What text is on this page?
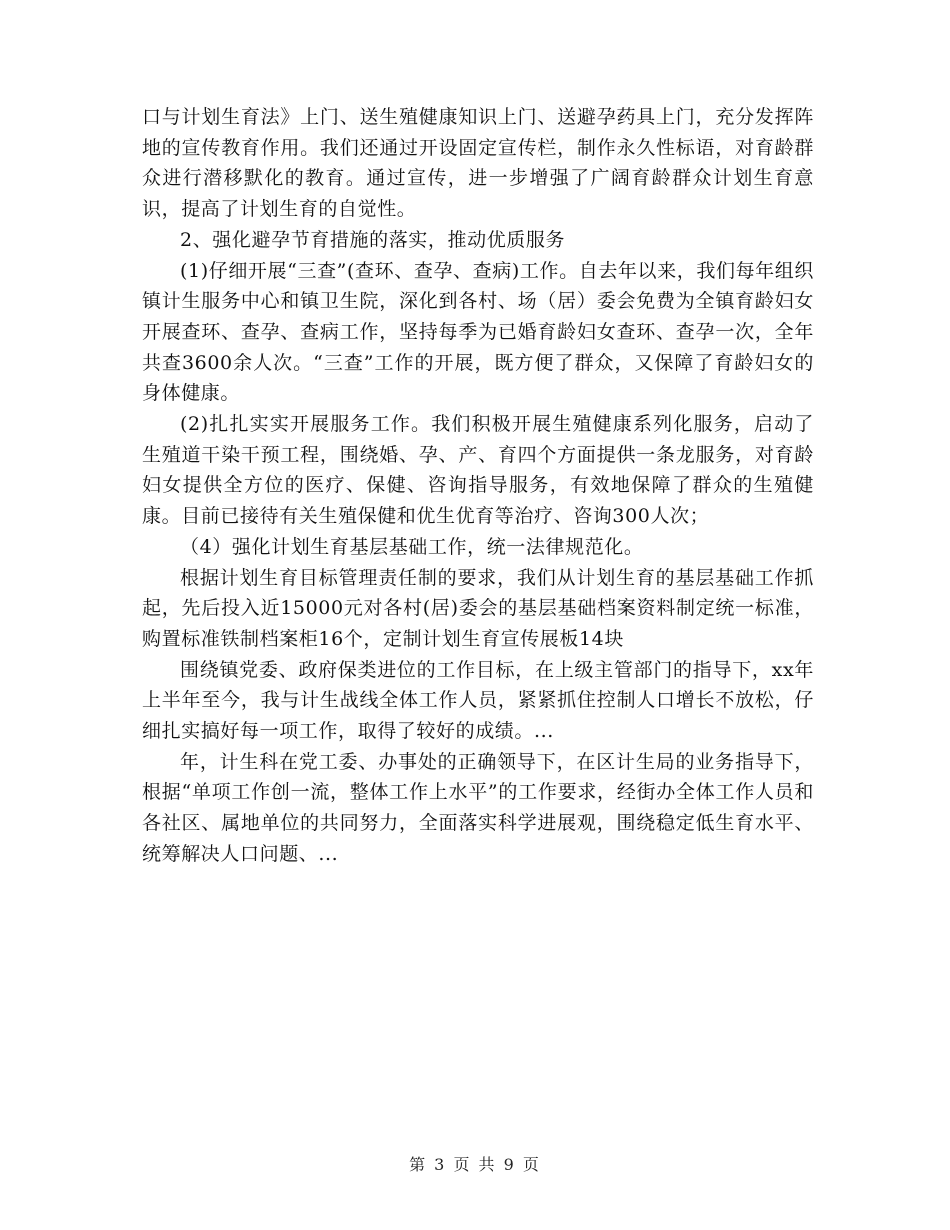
口与计划生育法》上门、送生殖健康知识上门、送避孕药具上门，充分发挥阵地的宣传教育作用。我们还通过开设固定宣传栏，制作永久性标语，对育龄群众进行潜移默化的教育。通过宣传，进一步增强了广阔育龄群众计划生育意识，提高了计划生育的自觉性。

2、强化避孕节育措施的落实，推动优质服务

(1)仔细开展“三查”(查环、查孕、查病)工作。自去年以来，我们每年组织镇计生服务中心和镇卫生院，深化到各村、场（居）委会免费为全镇育龄妇女开展查环、查孕、查病工作，坚持每季为已婚育龄妇女查环、查孕一次，全年共查3600余人次。“三查”工作的开展，既方便了群众，又保障了育龄妇女的身体健康。

(2)扎扎实实开展服务工作。我们积极开展生殖健康系列化服务，启动了生殖道干染干预工程，围绕婚、孕、产、育四个方面提供一条龙服务，对育龄妇女提供全方位的医疗、保健、咨询指导服务，有效地保障了群众的生殖健康。目前已接待有关生殖保健和优生优育等治疗、咨询300人次；

（4）强化计划生育基层基础工作，统一法律规范化。

根据计划生育目标管理责任制的要求，我们从计划生育的基层基础工作抓起，先后投入近15000元对各村(居)委会的基层基础档案资料制定统一标准，购置标准铁制档案柜16个，定制计划生育宣传展板14块

围绕镇党委、政府保类进位的工作目标，在上级主管部门的指导下，xx年上半年至今，我与计生战线全体工作人员，紧紧抓住控制人口增长不放松，仔细扎实搞好每一项工作，取得了较好的成绩。...

年，计生科在党工委、办事处的正确领导下，在区计生局的业务指导下，根据“单项工作创一流，整体工作上水平”的工作要求，经街办全体工作人员和各社区、属地单位的共同努力，全面落实科学进展观，围绕稳定低生育水平、统筹解决人口问题、...

第 3 页 共 9 页
